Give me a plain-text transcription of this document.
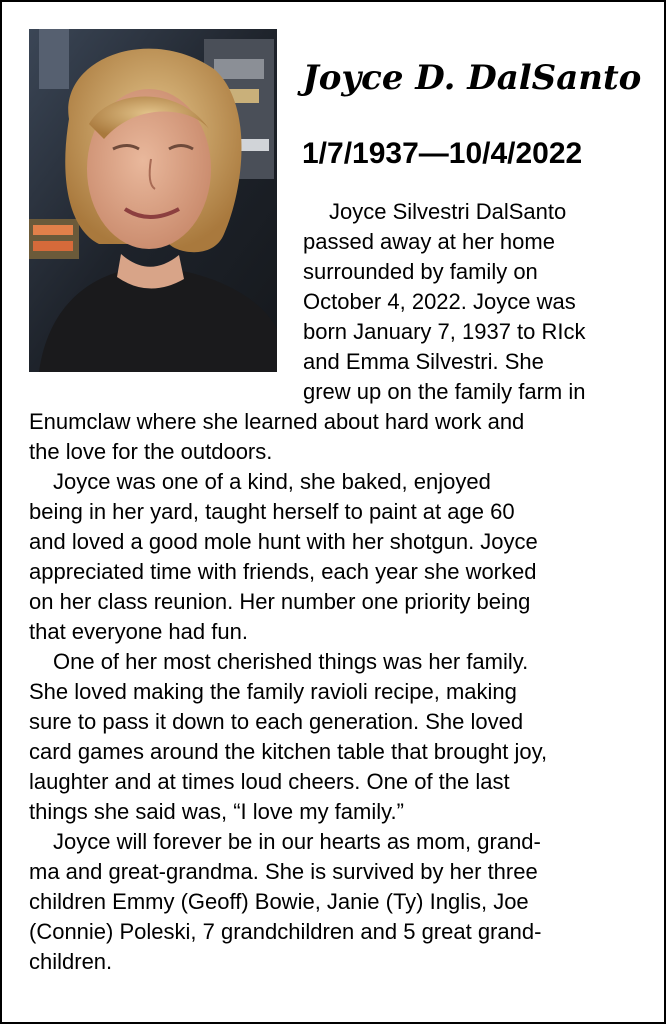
Joyce D. DalSanto
1/7/1937—10/4/2022

Joyce Silvestri DalSanto
passed away at her home
surrounded by family on
October 4, 2022. Joyce was
born January 7, 1937 to RIck
and Emma Silvestri. She
grew up on the family farm in
Enumclaw where she learned about hard work and
the love for the outdoors.

Joyce was one of a kind, she baked, enjoyed
being in her yard, taught herself to paint at age 60
and loved a good mole hunt with her shotgun. Joyce
appreciated time with friends, each year she worked
on her class reunion. Her number one priority being
that everyone had fun.

One of her most cherished things was her family.
She loved making the family ravioli recipe, making
sure to pass it down to each generation. She loved
card games around the kitchen table that brought joy,
laughter and at times loud cheers. One of the last
things she said was, “I love my family.”

Joyce will forever be in our hearts as mom, grand-
ma and great-grandma. She is survived by her three
children Emmy (Geoff) Bowie, Janie (Ty) Inglis, Joe
(Connie) Poleski, 7 grandchildren and 5 great grand-
children.
